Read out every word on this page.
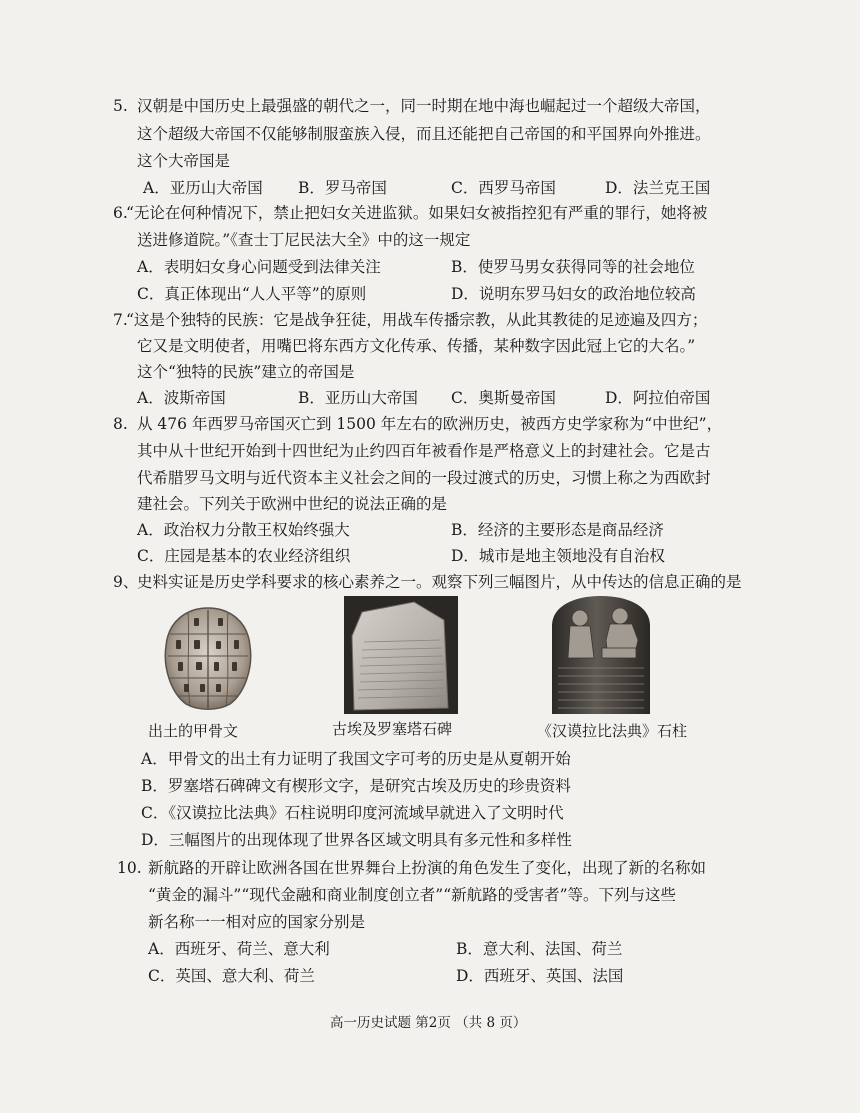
5. 汉朝是中国历史上最强盛的朝代之一，同一时期在地中海也崛起过一个超级大帝国，
这个超级大帝国不仅能够制服蛮族入侵，而且还能把自己帝国的和平国界向外推进。
这个大帝国是
A．亚历山大帝国 B．罗马帝国	C．西罗马帝国	D．法兰克王国
6.
“无论在何种情况下，禁止把妇女关进监狱。如果妇女被指控犯有严重的罪行，她将被
送进修道院。”《查士丁尼民法大全》中的这一规定
A．表明妇女身心问题受到法律关注	B．使罗马男女获得同等的社会地位
C．真正体现出“人人平等”的原则	D．说明东罗马妇女的政治地位较高
7.
“这是个独特的民族：它是战争狂徒，用战车传播宗教，从此其教徒的足迹遍及四方；
它又是文明使者，用嘴巴将东西方文化传承、传播，某种数字因此冠上它的大名。”
这个“独特的民族”建立的帝国是
A．波斯帝国	B．亚历山大帝国 C．奥斯曼帝国	D．阿拉伯帝国
8. 从 476 年西罗马帝国灭亡到 1500 年左右的欧洲历史，被西方史学家称为“中世纪”，
其中从十世纪开始到十四世纪为止约四百年被看作是严格意义上的封建社会。它是古
代希腊罗马文明与近代资本主义社会之间的一段过渡式的历史，习惯上称之为西欧封
建社会。下列关于欧洲中世纪的说法正确的是
A．政治权力分散王权始终强大	B．经济的主要形态是商品经济
C．庄园是基本的农业经济组织	D．城市是地主领地没有自治权
9、
史料实证是历史学科要求的核心素养之一。观察下列三幅图片，从中传达的信息正确的是
出土的甲骨文	古埃及罗塞塔石碑	《汉谟拉比法典》石柱
A．甲骨文的出土有力证明了我国文字可考的历史是从夏朝开始
B．罗塞塔石碑碑文有楔形文字，是研究古埃及历史的珍贵资料
C．《汉谟拉比法典》石柱说明印度河流域早就进入了文明时代
D．三幅图片的出现体现了世界各区域文明具有多元性和多样性
10. 新航路的开辟让欧洲各国在世界舞台上扮演的角色发生了变化，出现了新的名称如
“黄金的漏斗”“现代金融和商业制度创立者”“新航路的受害者”等。下列与这些
新名称一一相对应的国家分别是
A．西班牙、荷兰、意大利	B．意大利、法国、荷兰
C．英国、意大利、荷兰	D．西班牙、英国、法国
高一历史试题 第2页 （共 8 页）
